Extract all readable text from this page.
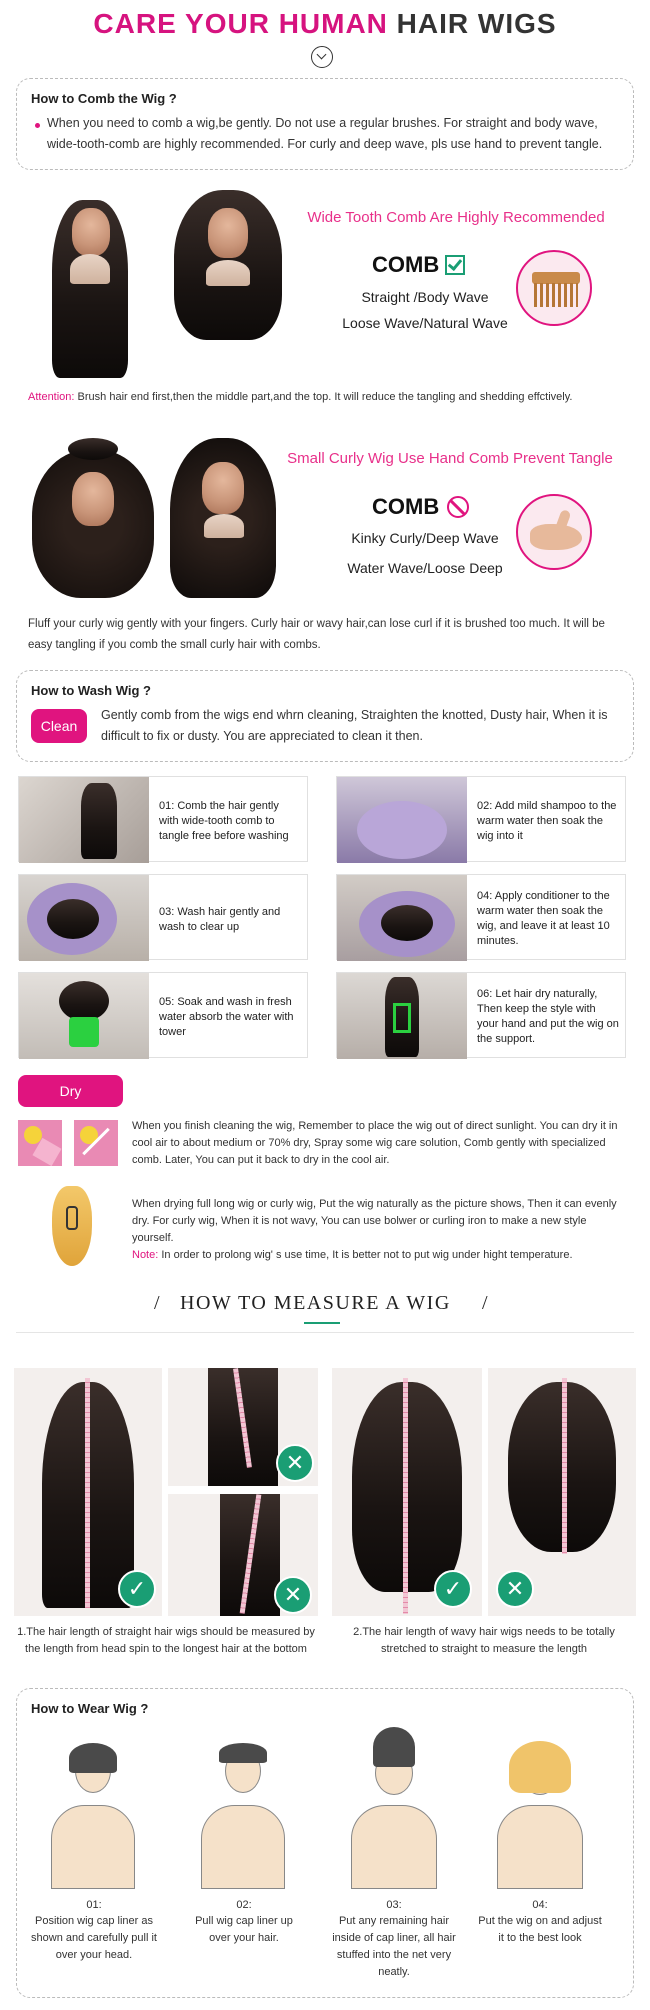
CARE YOUR HUMAN HAIR WIGS
How to Comb the Wig ?
When you need to comb a wig,be gently. Do not use a regular brushes. For straight and body wave, wide-tooth-comb are highly recommended. For curly and deep wave, pls use hand to prevent tangle.
Wide Tooth Comb Are Highly Recommended
COMB
Straight /Body Wave
Loose Wave/Natural Wave
Attention: Brush hair end first,then the middle part,and the top. It will reduce the tangling and shedding effctively.
Small Curly Wig Use Hand Comb Prevent Tangle
COMB
Kinky Curly/Deep Wave
Water Wave/Loose Deep
Fluff your curly wig gently with your fingers. Curly hair or wavy hair,can lose curl if it is brushed too much. It will be easy tangling if you comb the small curly hair with combs.
How to Wash Wig ?
Clean
Gently comb from the wigs end whrn cleaning, Straighten the knotted, Dusty hair, When it is difficult to fix or dusty. You are appreciated to clean it then.
01: Comb the hair gently with wide-tooth comb to tangle free before washing
02: Add mild shampoo to the warm water then soak the wig into it
03: Wash hair gently and wash to clear up
04: Apply conditioner to the warm water then soak the wig, and leave it at least 10 minutes.
05: Soak and wash in fresh water absorb the water with tower
06: Let hair dry naturally, Then keep the style with your hand and put the wig on the support.
Dry
When you finish cleaning the wig, Remember to place the wig out of direct sunlight. You can dry it in cool air to about medium or 70% dry, Spray some wig care solution, Comb gently with specialized comb. Later, You can put it back to dry in the cool air.
When drying full long wig or curly wig, Put the wig naturally as the picture shows, Then it can evenly dry. For curly wig, When it is not wavy, You can use bolwer or curling iron to make a new style yourself.
Note: In order to prolong wig' s use time, It is better not to put wig under hight temperature.
/ HOW TO MEASURE A WIG /
✓
✕
✕	✓	✕
1.The hair length of straight hair wigs should be measured by the length from head spin to the longest hair at the bottom
2.The hair length of wavy hair wigs needs to be totally stretched to straight to measure the length
How to Wear Wig ?
01:
Position wig cap liner as shown and carefully pull it over your head.
02:
Pull wig cap liner up over your hair.
03:
Put any remaining hair inside of cap liner, all hair stuffed into the net very neatly.
04:
Put the wig on and adjust it to the best look
